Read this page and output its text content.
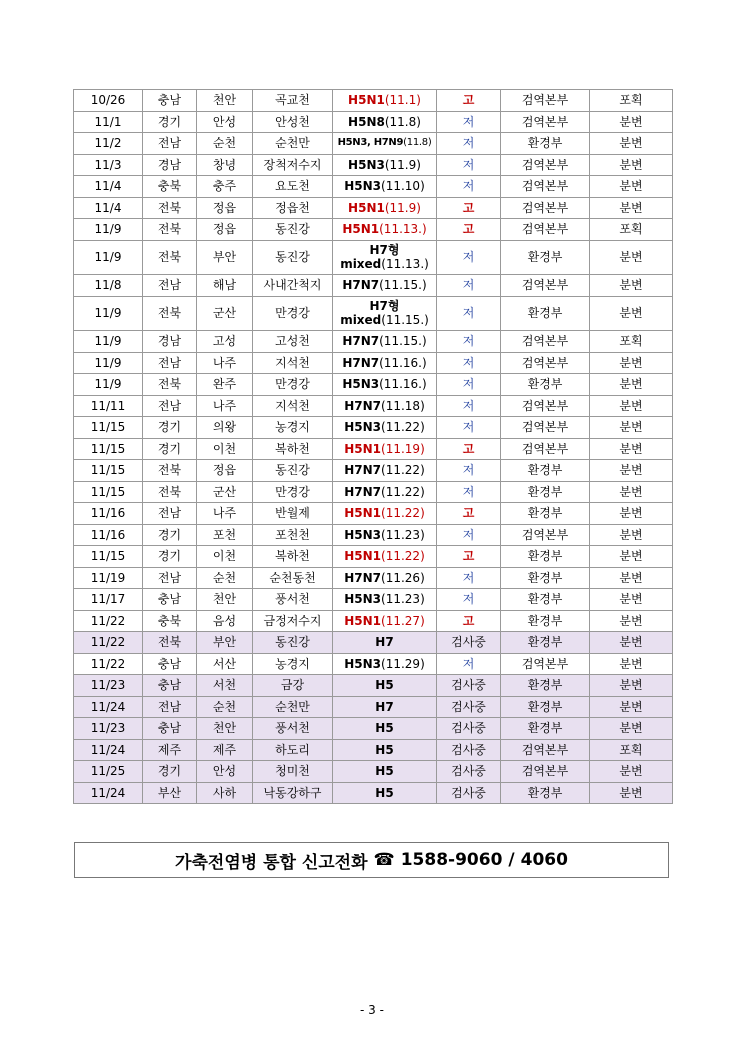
10/26	충남	천안	곡교천	H5N1(11.1)	고	검역본부	포획
11/1	경기	안성	안성천	H5N8(11.8)	저	검역본부	분변
11/2	전남	순천	순천만	H5N3, H7N9(11.8)	저	환경부	분변
11/3	경남	창녕	장척저수지	H5N3(11.9)	저	검역본부	분변
11/4	충북	충주	요도천	H5N3(11.10)	저	검역본부	분변
11/4	전북	정읍	정읍천	H5N1(11.9)	고	검역본부	분변
11/9	전북	정읍	동진강	H5N1(11.13.)	고	검역본부	포획
11/9	전북	부안	동진강	H7형
mixed(11.13.)	저	환경부	분변
11/8	전남	해남	사내간척지	H7N7(11.15.)	저	검역본부	분변
11/9	전북	군산	만경강	H7형
mixed(11.15.)	저	환경부	분변
11/9	경남	고성	고성천	H7N7(11.15.)	저	검역본부	포획
11/9	전남	나주	지석천	H7N7(11.16.)	저	검역본부	분변
11/9	전북	완주	만경강	H5N3(11.16.)	저	환경부	분변
11/11	전남	나주	지석천	H7N7(11.18)	저	검역본부	분변
11/15	경기	의왕	농경지	H5N3(11.22)	저	검역본부	분변
11/15	경기	이천	복하천	H5N1(11.19)	고	검역본부	분변
11/15	전북	정읍	동진강	H7N7(11.22)	저	환경부	분변
11/15	전북	군산	만경강	H7N7(11.22)	저	환경부	분변
11/16	전남	나주	반월제	H5N1(11.22)	고	환경부	분변
11/16	경기	포천	포천천	H5N3(11.23)	저	검역본부	분변
11/15	경기	이천	복하천	H5N1(11.22)	고	환경부	분변
11/19	전남	순천	순천동천	H7N7(11.26)	저	환경부	분변
11/17	충남	천안	풍서천	H5N3(11.23)	저	환경부	분변
11/22	충북	음성	금정저수지	H5N1(11.27)	고	환경부	분변
11/22	전북	부안	동진강	H7	검사중	환경부	분변
11/22	충남	서산	농경지	H5N3(11.29)	저	검역본부	분변
11/23	충남	서천	금강	H5	검사중	환경부	분변
11/24	전남	순천	순천만	H7	검사중	환경부	분변
11/23	충남	천안	풍서천	H5	검사중	환경부	분변
11/24	제주	제주	하도리	H5	검사중	검역본부	포획
11/25	경기	안성	청미천	H5	검사중	검역본부	분변
11/24	부산	사하	낙동강하구	H5	검사중	환경부	분변
가축전염병 통합 신고전화 ☎ 1588-9060 / 4060
- 3 -
